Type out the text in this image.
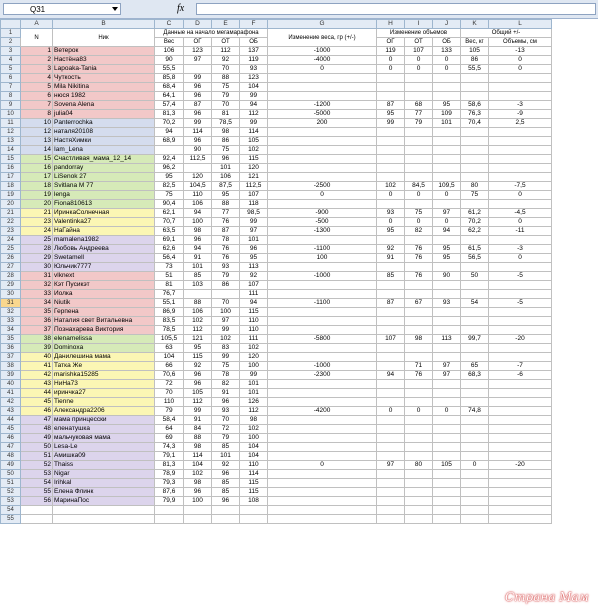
Q31	fx
	A	B	C	D	E	F	G	H	I	J	K	L
1	N	Ник	Данные на начало мегамарафона				Изменение веса, гр (+/-)	Изменение объемов			Общий +/-	
2			Вес	ОГ	ОТ	ОБ		ОГ	ОТ	ОБ	Вес, кг	Объемы, см
3	1	Ветерок	106	123	112	137	-1000	119	107	133	105	-13
4	2	Настёна83	90	97	92	119	-4000	0	0	0	86	0
5	3	Lapoaka-Tania	55,5		70	93	0	0	0	0	55,5	0
6	4	Чуткость	85,8	99	88	123						
7	5	Mila Nikitina	68,4	96	75	104						
8	6	нюся 1982	64,1	96	79	99						
9	7	Sovena Alena	57,4	87	70	94	-1200	87	68	95	58,6	-3
10	8	julia04	81,3	96	81	112	-5000	95	77	109	76,3	-9
11	10	Panterrochka	70,2	99	78,5	99	200	99	79	101	70,4	2,5
12	12	наталя20108	94	114	98	114						
13	13	НастяХимки	68,9	96	86	105						
14	14	Iam_Lena		90	75	102						
15	15	Счастливая_мама_12_14	92,4	112,5	96	115						
16	16	pandorray	96,2		101	120						
17	17	LiSenok 27	95	120	106	121						
18	18	Svitlana M 77	82,5	104,5	87,5	112,5	-2500	102	84,5	109,5	80	-7,5
19	19	lenga	75	110	95	107	0	0	0	0	75	0
20	20	Fiona810613	90,4	106	88	118						
21	21	ИринкаСолнечная	62,1	94	77	98,5	-900	93	75	97	61,2	-4,5
22	23	Valentinka27	70,7	100	76	99	-500	0	0	0	70,2	0
23	24	НаГайна	63,5	98	87	97	-1300	95	82	94	62,2	-11
24	25	mamalena1982	69,1	96	78	101						
25	28	Любовь Андреева	62,6	94	76	96	-1100	92	76	95	61,5	-3
26	29	Swetamell	56,4	91	76	95	100	91	76	95	56,5	0
27	30	Юльчик7777	73	101	93	113						
28	31	vlknext	51	85	79	92	-1000	85	76	90	50	-5
29	32	Кэт Пусикэт	81	103	86	107						
30	33	Йолка	76,7			111						
31	34	Niutik	55,1	88	70	94	-1100	87	67	93	54	-5
32	35	Герпена	86,9	106	100	115						
33	36	Наталия свет Витальевна	83,5	102	97	110						
34	37	Познахарева Виктория	78,5	112	99	110						
35	38	elenamelissa	105,5	121	102	111	-5800	107	98	113	99,7	-20
36	39	Dominoxa	63	95	83	102						
37	40	Данилешина мама	104	115	99	120						
38	41	Татка Же	66	92	75	100	-1000		71	97	65	-7
39	42	marishka15285	70,6	96	78	99	-2300	94	76	97	68,3	-6
40	43	НиНа73	72	96	82	101						
41	44	иринчка27	70	105	91	101						
42	45	Tienne	110	112	96	126						
43	46	Александра2206	79	99	93	112	-4200	0	0	0	74,8	
44	47	мама принцесски	58,4	91	70	98						
45	48	еленатушка	64	84	72	102						
46	49	мальчуковая мама	69	88	79	100						
47	50	Lesa-Le	74,3	98	85	104						
48	51	Амишка09	79,1	114	101	104						
49	52	Thaiss	81,3	104	92	110	0	97	80	105	0	-20
50	53	Nigar	78,9	102	96	114						
51	54	Irihkal	79,3	98	85	115						
52	55	Елена Флинк	87,6	96	85	115						
53	56	МаринаПос	79,9	100	96	108						
54												
55												
Страна Мам
